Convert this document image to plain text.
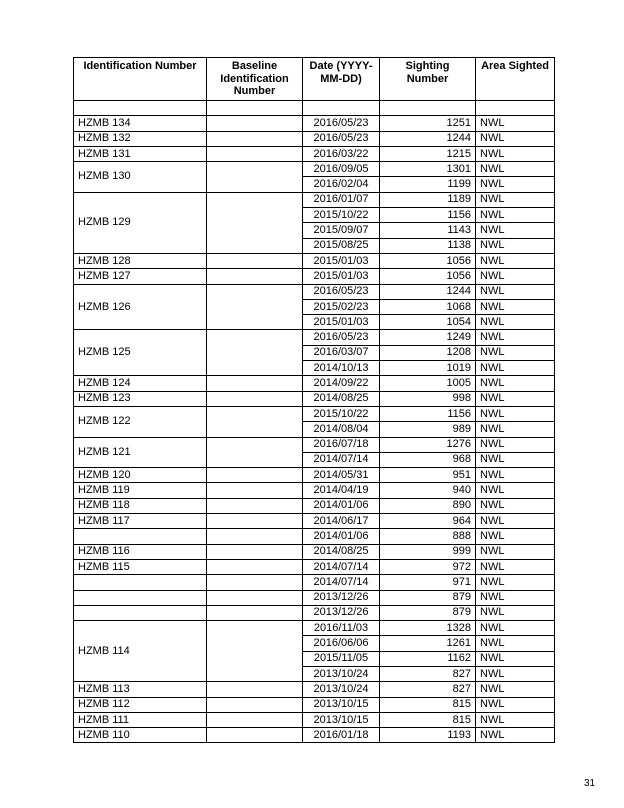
Identification Number	Baseline Identification Number	Date (YYYY-MM-DD)	Sighting Number	Area Sighted

HZMB 134		2016/05/23	1251	NWL
HZMB 132		2016/05/23	1244	NWL
HZMB 131		2016/03/22	1215	NWL
HZMB 130		2016/09/05	1301	NWL
		2016/02/04	1199	NWL
HZMB 129		2016/01/07	1189	NWL
		2015/10/22	1156	NWL
		2015/09/07	1143	NWL
		2015/08/25	1138	NWL
HZMB 128		2015/01/03	1056	NWL
HZMB 127		2015/01/03	1056	NWL
HZMB 126		2016/05/23	1244	NWL
		2015/02/23	1068	NWL
		2015/01/03	1054	NWL
HZMB 125		2016/05/23	1249	NWL
		2016/03/07	1208	NWL
		2014/10/13	1019	NWL
HZMB 124		2014/09/22	1005	NWL
HZMB 123		2014/08/25	998	NWL
HZMB 122		2015/10/22	1156	NWL
		2014/08/04	989	NWL
HZMB 121		2016/07/18	1276	NWL
		2014/07/14	968	NWL
HZMB 120		2014/05/31	951	NWL
HZMB 119		2014/04/19	940	NWL
HZMB 118		2014/01/06	890	NWL
HZMB 117		2014/06/17	964	NWL
		2014/01/06	888	NWL
HZMB 116		2014/08/25	999	NWL
HZMB 115		2014/07/14	972	NWL
		2014/07/14	971	NWL
		2013/12/26	879	NWL
		2013/12/26	879	NWL
HZMB 114		2016/11/03	1328	NWL
		2016/06/06	1261	NWL
		2015/11/05	1162	NWL
		2013/10/24	827	NWL
HZMB 113		2013/10/24	827	NWL
HZMB 112		2013/10/15	815	NWL
HZMB 111		2013/10/15	815	NWL
HZMB 110		2016/01/18	1193	NWL
31
